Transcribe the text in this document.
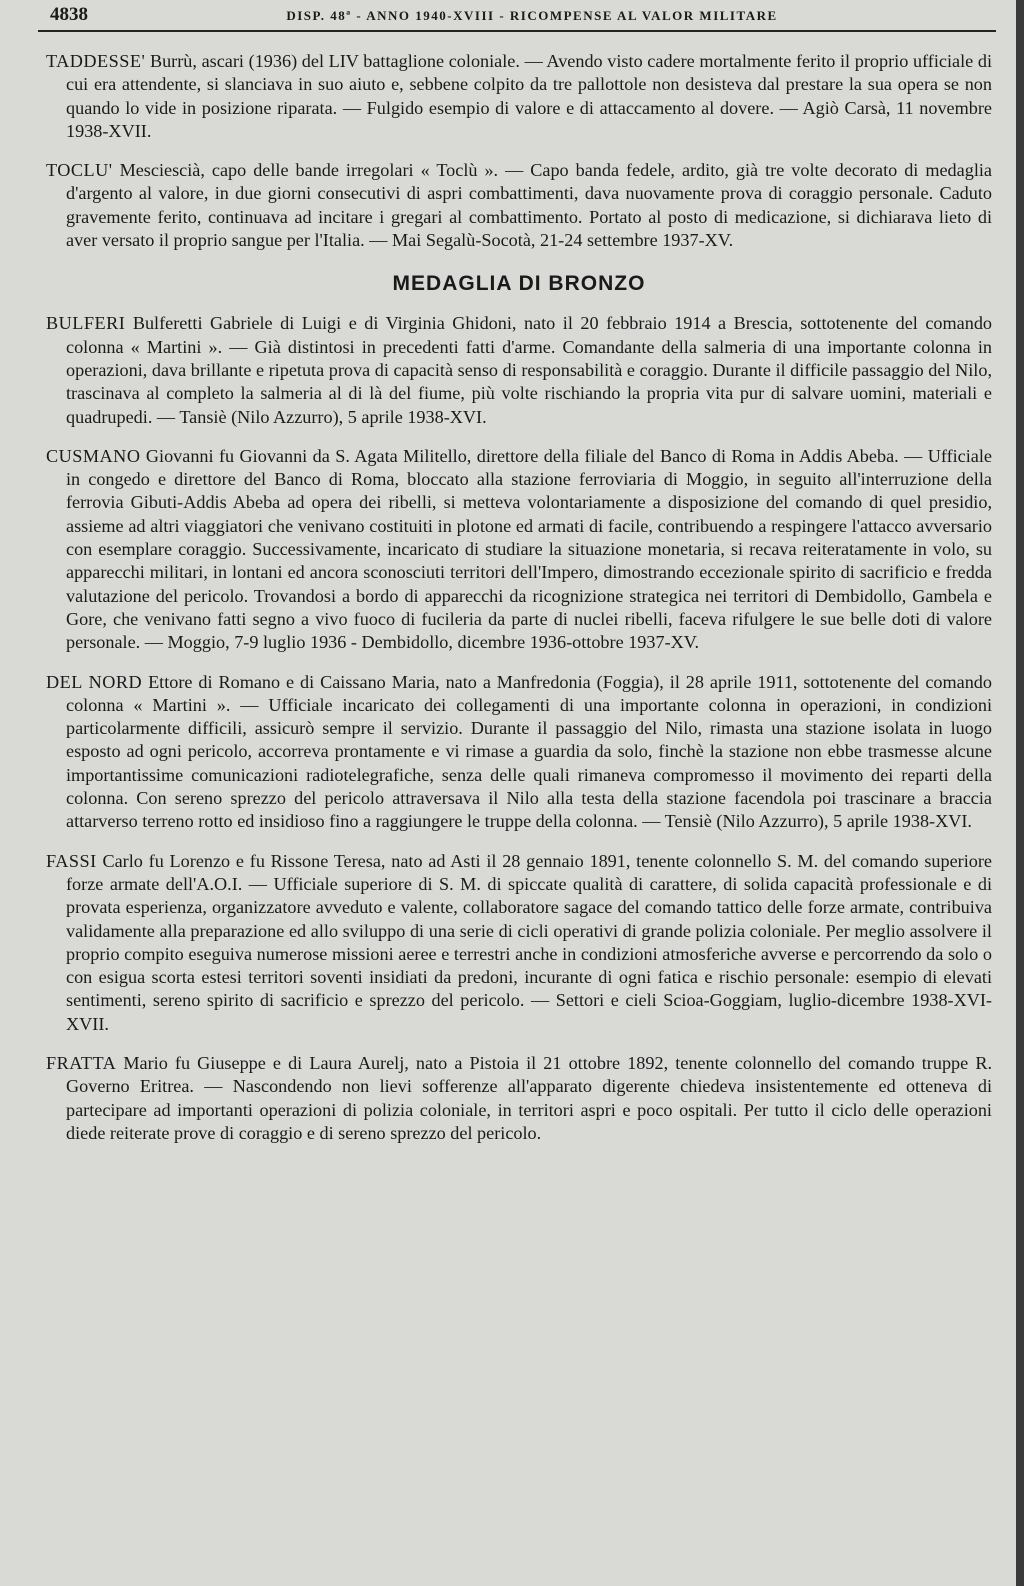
4838	DISP. 48ª - ANNO 1940-XVIII - RICOMPENSE AL VALOR MILITARE

TADDESSE' Burrù, ascari (1936) del LIV battaglione coloniale. — Avendo visto cadere mortalmente ferito il proprio ufficiale di cui era attendente, si slanciava in suo aiuto e, sebbene colpito da tre pallottole non desisteva dal prestare la sua opera se non quando lo vide in posizione riparata. — Fulgido esempio di valore e di attaccamento al dovere. — Agiò Carsà, 11 novembre 1938-XVII.

TOCLU' Mesciescià, capo delle bande irregolari « Toclù ». — Capo banda fedele, ardito, già tre volte decorato di medaglia d'argento al valore, in due giorni consecutivi di aspri combattimenti, dava nuovamente prova di coraggio personale. Caduto gravemente ferito, continuava ad incitare i gregari al combattimento. Portato al posto di medicazione, si dichiarava lieto di aver versato il proprio sangue per l'Italia. — Mai Segalù-Socotà, 21-24 settembre 1937-XV.

MEDAGLIA DI BRONZO

BULFERI Bulferetti Gabriele di Luigi e di Virginia Ghidoni, nato il 20 febbraio 1914 a Brescia, sottotenente del comando colonna « Martini ». — Già distintosi in precedenti fatti d'arme. Comandante della salmeria di una importante colonna in operazioni, dava brillante e ripetuta prova di capacità senso di responsabilità e coraggio. Durante il difficile passaggio del Nilo, trascinava al completo la salmeria al di là del fiume, più volte rischiando la propria vita pur di salvare uomini, materiali e quadrupedi. — Tansiè (Nilo Azzurro), 5 aprile 1938-XVI.

CUSMANO Giovanni fu Giovanni da S. Agata Militello, direttore della filiale del Banco di Roma in Addis Abeba. — Ufficiale in congedo e direttore del Banco di Roma, bloccato alla stazione ferroviaria di Moggio, in seguito all'interruzione della ferrovia Gibuti-Addis Abeba ad opera dei ribelli, si metteva volontariamente a disposizione del comando di quel presidio, assieme ad altri viaggiatori che venivano costituiti in plotone ed armati di facile, contribuendo a respingere l'attacco avversario con esemplare coraggio. Successivamente, incaricato di studiare la situazione monetaria, si recava reiteratamente in volo, su apparecchi militari, in lontani ed ancora sconosciuti territori dell'Impero, dimostrando eccezionale spirito di sacrificio e fredda valutazione del pericolo. Trovandosi a bordo di apparecchi da ricognizione strategica nei territori di Dembidollo, Gambela e Gore, che venivano fatti segno a vivo fuoco di fucileria da parte di nuclei ribelli, faceva rifulgere le sue belle doti di valore personale. — Moggio, 7-9 luglio 1936 - Dembidollo, dicembre 1936-ottobre 1937-XV.

DEL NORD Ettore di Romano e di Caissano Maria, nato a Manfredonia (Foggia), il 28 aprile 1911, sottotenente del comando colonna « Martini ». — Ufficiale incaricato dei collegamenti di una importante colonna in operazioni, in condizioni particolarmente difficili, assicurò sempre il servizio. Durante il passaggio del Nilo, rimasta una stazione isolata in luogo esposto ad ogni pericolo, accorreva prontamente e vi rimase a guardia da solo, finchè la stazione non ebbe trasmesse alcune importantissime comunicazioni radiotelegrafiche, senza delle quali rimaneva compromesso il movimento dei reparti della colonna. Con sereno sprezzo del pericolo attraversava il Nilo alla testa della stazione facendola poi trascinare a braccia attarverso terreno rotto ed insidioso fino a raggiungere le truppe della colonna. — Tensiè (Nilo Azzurro), 5 aprile 1938-XVI.

FASSI Carlo fu Lorenzo e fu Rissone Teresa, nato ad Asti il 28 gennaio 1891, tenente colonnello S. M. del comando superiore forze armate dell'A.O.I. — Ufficiale superiore di S. M. di spiccate qualità di carattere, di solida capacità professionale e di provata esperienza, organizzatore avveduto e valente, collaboratore sagace del comando tattico delle forze armate, contribuiva validamente alla preparazione ed allo sviluppo di una serie di cicli operativi di grande polizia coloniale. Per meglio assolvere il proprio compito eseguiva numerose missioni aeree e terrestri anche in condizioni atmosferiche avverse e percorrendo da solo o con esigua scorta estesi territori soventi insidiati da predoni, incurante di ogni fatica e rischio personale: esempio di elevati sentimenti, sereno spirito di sacrificio e sprezzo del pericolo. — Settori e cieli Scioa-Goggiam, luglio-dicembre 1938-XVI-XVII.

FRATTA Mario fu Giuseppe e di Laura Aurelj, nato a Pistoia il 21 ottobre 1892, tenente colonnello del comando truppe R. Governo Eritrea. — Nascondendo non lievi sofferenze all'apparato digerente chiedeva insistentemente ed otteneva di partecipare ad importanti operazioni di polizia coloniale, in territori aspri e poco ospitali. Per tutto il ciclo delle operazioni diede reiterate prove di coraggio e di sereno sprezzo del pericolo.
